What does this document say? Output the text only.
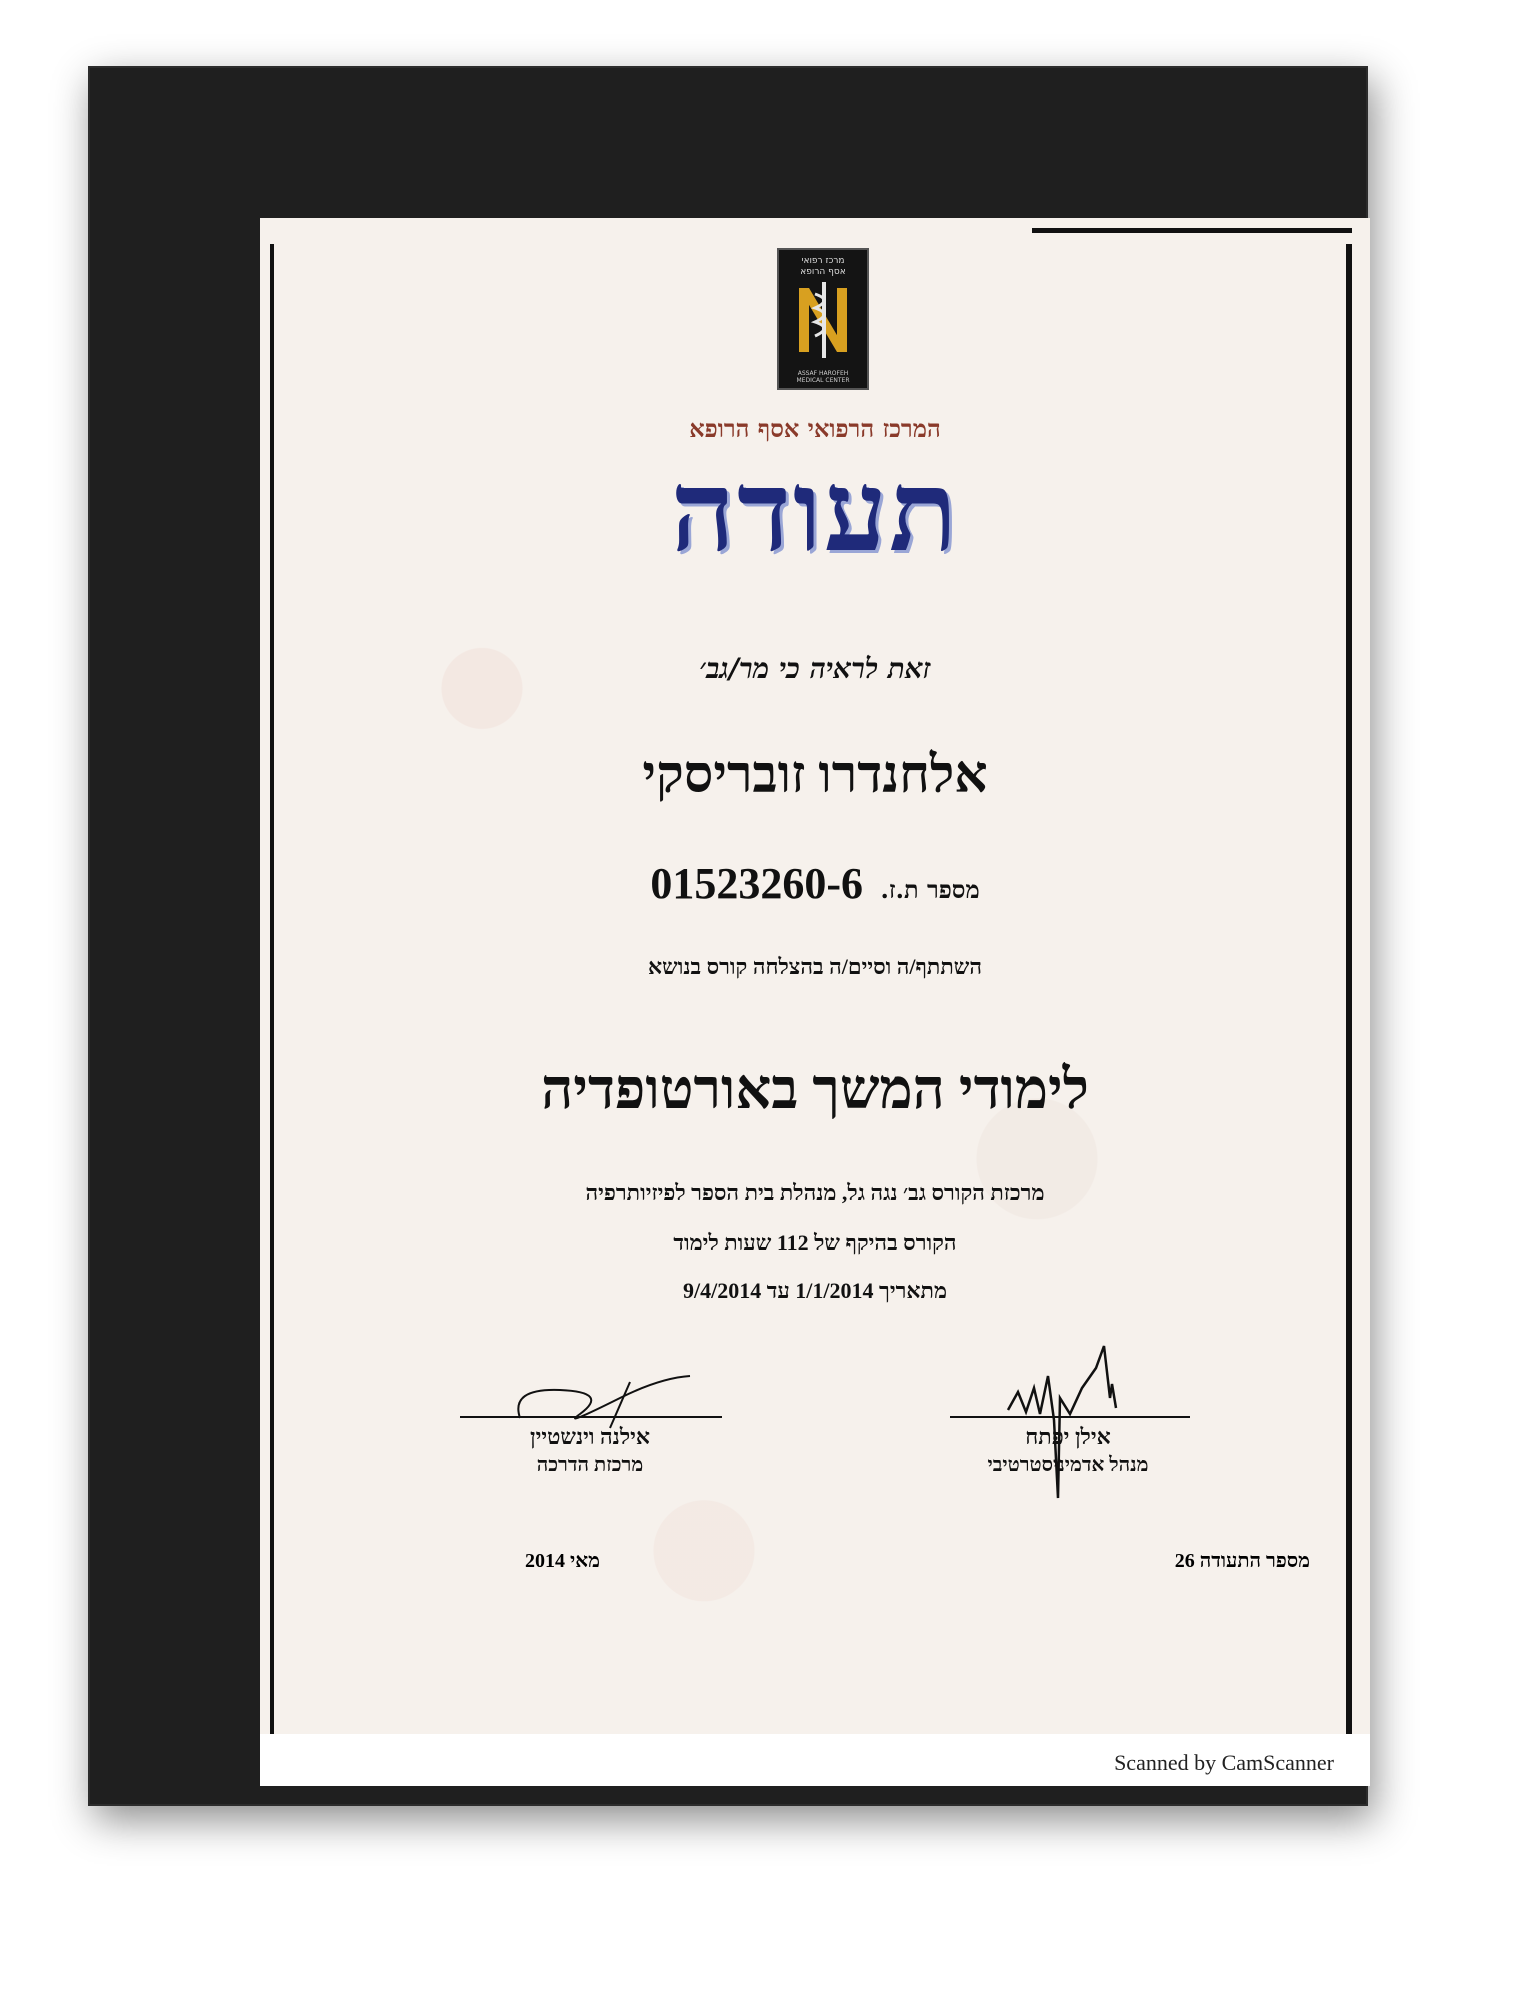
מרכז רפואי
אסף הרופא
ASSAF HAROFEH
MEDICAL CENTER
המרכז הרפואי אסף הרופא
תעודה
זאת לראיה כי מר/גב׳
אלחנדרו זובריסקי
מספר ת.ז. 01523260-6
השתתף/ה וסיים/ה בהצלחה קורס בנושא
לימודי המשך באורטופדיה
מרכזת הקורס גב׳ נגה גל, מנהלת בית הספר לפיזיותרפיה
הקורס בהיקף של 112 שעות לימוד
מתאריך 1/1/2014 עד 9/4/2014
אילן יפתח
מנהל אדמיניסטרטיבי
אילנה וינשטיין
מרכזת הדרכה
מספר התעודה 26
מאי 2014
Scanned by CamScanner
